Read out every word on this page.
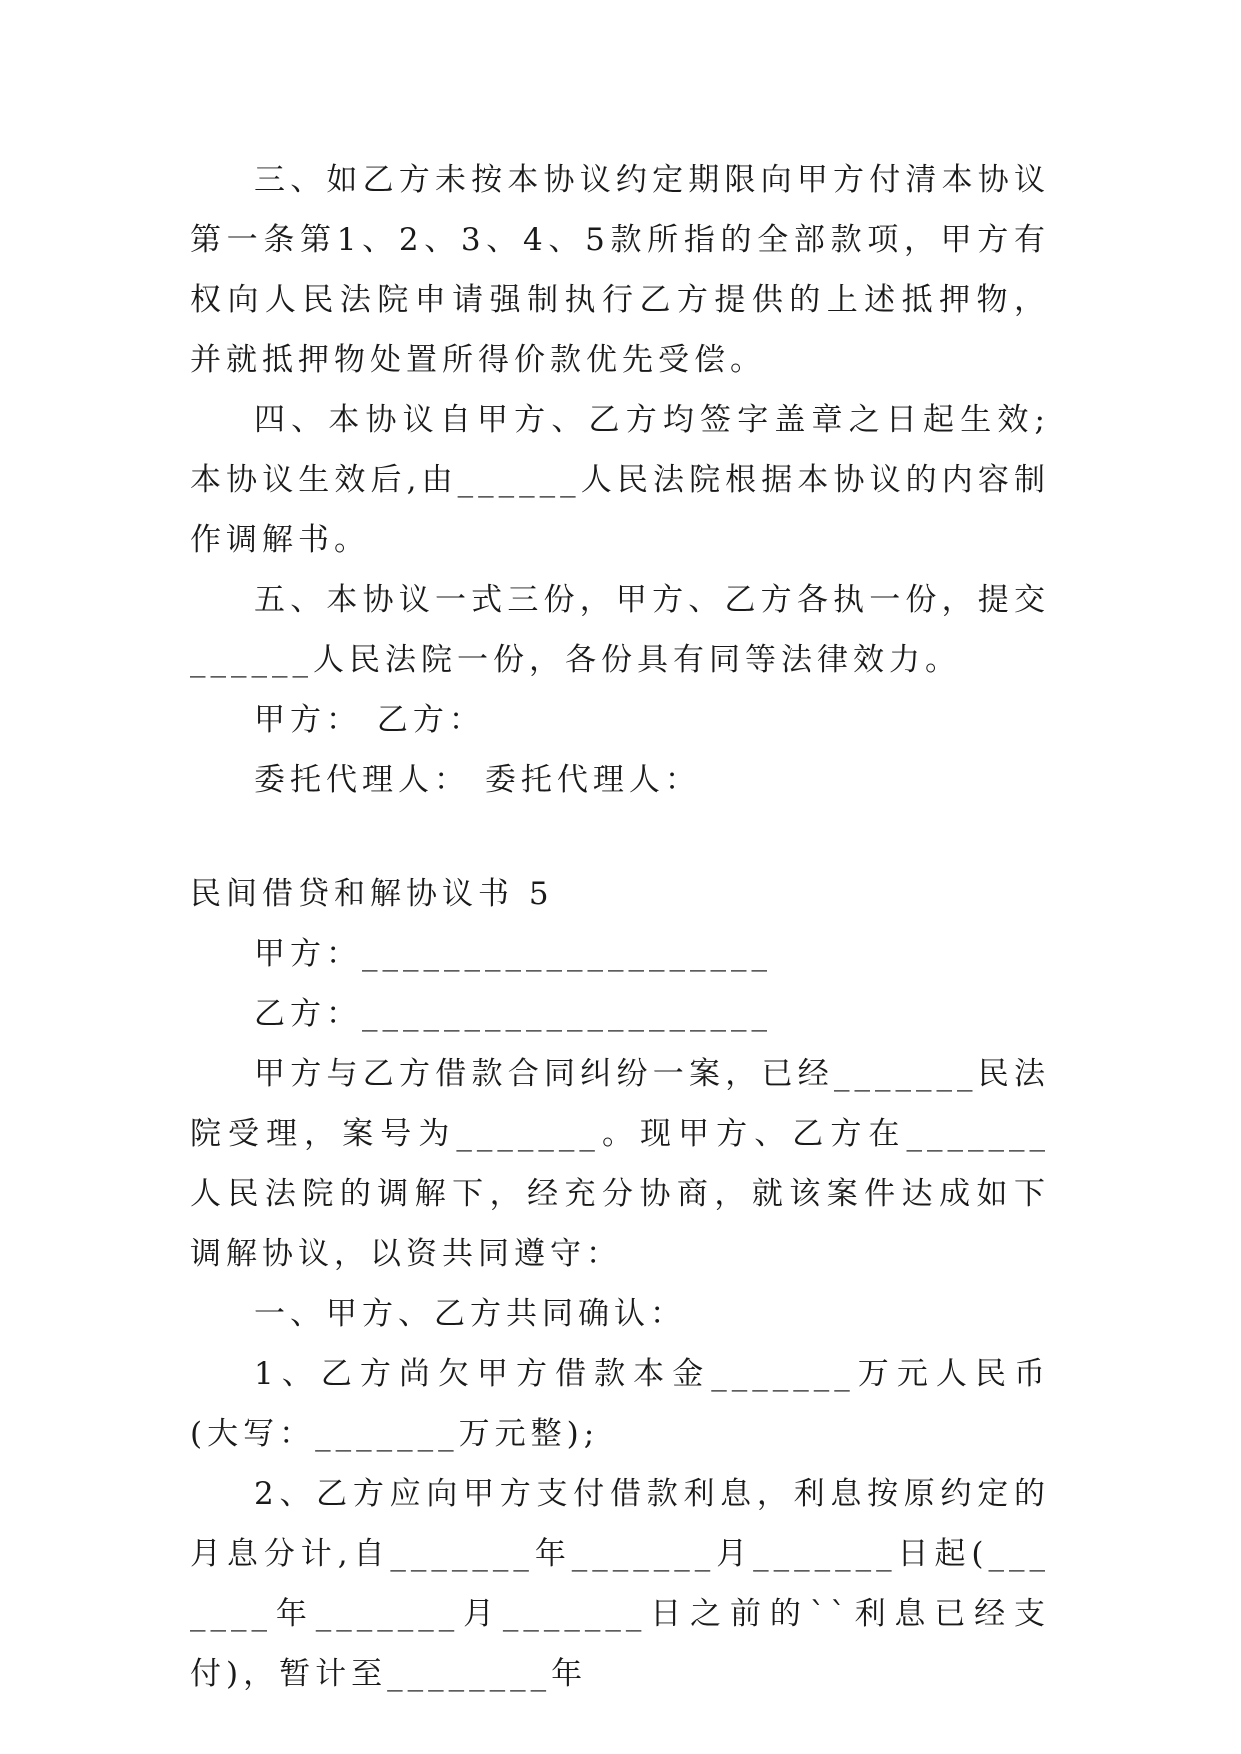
三、如乙方未按本协议约定期限向甲方付清本协议第一条第1、2、3、4、5款所指的全部款项，甲方有权向人民法院申请强制执行乙方提供的上述抵押物，并就抵押物处置所得价款优先受偿。

四、本协议自甲方、乙方均签字盖章之日起生效;本协议生效后,由______人民法院根据本协议的内容制作调解书。

五、本协议一式三份，甲方、乙方各执一份，提交______人民法院一份，各份具有同等法律效力。

甲方： 乙方：

委托代理人： 委托代理人：

民间借贷和解协议书 5

甲方：____________________

乙方：____________________

甲方与乙方借款合同纠纷一案，已经_______民法院受理，案号为_______。现甲方、乙方在_______人民法院的调解下，经充分协商，就该案件达成如下调解协议，以资共同遵守：

一、甲方、乙方共同确认：

1、乙方尚欠甲方借款本金_______万元人民币(大写：_______万元整);

2、乙方应向甲方支付借款利息，利息按原约定的月息分计,自_______年_______月_______日起(_______年_______月_______日之前的``利息已经支付)，暂计至________年
